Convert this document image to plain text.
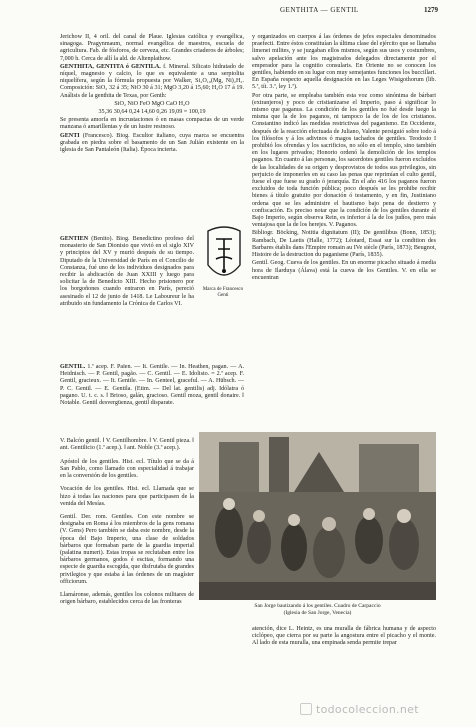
GENTHITA — GENTIL	1279

Jerichow II, 4 oril. del canal de Plaue. Iglesias católica y evangélica, sinagoga. Pragynmaum, normal evangélica de maestros, escuela de agricultura. Fab. de fósforos, de cerveza, etc. Grandes criaderos de árboles; 7,000 h. Cerca de allí la ald. de Altenplathow.

GENTHITA, GENTITA ó GENTILA. f. Mineral. Silicato hidratado de níquel, magnesio y calcio, lo que es equivalente a una serpiolita niquelífera, según la fórmula propuesta por Walker, Si₂O₁₀(Mg, Ni)₂H₂. Composición: SiO₂ 32 á 35; NiO 30 á 31; MgO 3,20 á 15,60; H₂O 17 á 19. Análisis de la genthita de Texas, por Genth:

SiO₂ NiO FeO MgO CaO H₂O

35,36 30,64 0,24 14,60 0,26 19,09 = 100,19

Se presenta amorfa en incrustaciones ó en masas compactas de un verde manzana ó amarillentas y de un lustre resinoso.

GENTI (Francesco). Biog. Escultor italiano, cuya marca se encuentra grabada en piedra sobre el basamento de un San Julián existente en la iglesia de San Pantaleón (Italia). Época incierta.

Marca de Francesco
Genti

GENTIEN (Benito). Biog. Benedictino profeso del monasterio de San Dionisio que vivió en el siglo XIV y principios del XV y murió después de su tiempo. Diputado de la Universidad de París en el Concilio de Constanza, fué uno de los individuos designados para recibir la abdicación de Juan XXIII y luego para solicitar la de Benedicto XIII. Hecho prisionero por los borgoñones cuando entraron en París, pereció asesinado el 12 de junio de 1418. Le Laboureur le ha atribuido sin fundamento la Crónica de Carlos VI.

GENTIL. 1.ª acep. F. Païen. — It. Gentile. — In. Heathen, pagan. — A. Heidnisch. — P. Gentil, pagão. — C. Gentil. — E. Idolisto. = 2.ª acep. F. Gentil, gracieux. — It. Gentile. — In. Genteel, graceful. — A. Hübsch. — P. C. Gentil. — E. Gentila. (Etim. — Del lat. gentilis) adj. Idólatra ó pagano. U. t. c. s. ‖ Brioso, galán, gracioso. Gentil moza, gentil donaire. ‖ Notable. Gentil desvergüenza, gentil disparate.

V. Balcón gentil. ‖ V. Gentilhombre. ‖ V. Gentil pieza. ‖ ant. Gentilicio (1.ª acep.). ‖ ant. Noble (3.ª acep.).

Apóstol de los gentiles. Hist. ecl. Título que se da á San Pablo, como llamado con especialidad á trabajar en la conversión de los gentiles.

Vocación de los gentiles. Hist. ecl. Llamada que se hizo á todas las naciones para que participasen de la venida del Mesías.

Gentil. Der. rom. Gentiles. Con este nombre se designaba en Roma á los miembros de la gens romana (V. Gens) Pero también se daba este nombre, desde la época del Bajo Imperio, una clase de soldados bárbaros que formaban parte de la guardia imperial (palatina numeri). Estas tropas se reclutaban entre los bárbaros germanos, godos é escitas, formando una especie de guardia escogida, que disfrutaba de grandes privilegios y que estaba á las órdenes de un magíster officiorum.

Llamáronse, además, gentiles los colonos militares de origen bárbaro, establecidos cerca de las fronteras

y organizados en cuerpos á las órdenes de jefes especiales denominados praefecti. Entre éstos constituían la última clase del ejército que se llamaba limenei milites, y se juzgaban ellos mismos, según sus usos y costumbres, salvo apelación ante los magistrados delegados directamente por el emperador para la cognitio consularis. En Oriente no se conocen los gentiles, habiendo en su lugar con muy semejantes funciones los buccillari. En España respecto aquella designación en las Leges Wisigothorum (lib. 5.ª, tít. 3.ª, ley 1.ª).

Por otra parte, se empleaba también esta voz como sinónima de bárbari (extranjeros) y poco de cristianizarse el Imperio, paso á significar lo mismo que paganus. La condición de los gentiles no fué desde luego la misma que la de los paganos, ni tampoco la de los de los cristianos. Constantino indicó las medidas restrictivas del paganismo. En Occidente, después de la reacción efectuada de Juliano, Valente persiguió sobre todo á los filósofos y á los adivinos ó magos tachados de gentiles. Teodosio I prohibió los ofrendas y los sacrificios, no sólo en el templo, sino también en los lugares privados; Honorio ordenó la demolición de los templos paganos. En cuanto á las personas, los sacerdotes gentiles fueron excluidos de las localidades de su origen y desprovistos de todos sus privilegios, sin perjuicio de imponerles en su caso las penas que reprimían el culto gentil, fuese el que fuese su grado ó jerarquía. En el año 416 los paganos fueron excluidos de toda función pública; poco después se les prohibe recibir bienes á título gratuito por donación ó testamento, y en fin, Justiniano ordena que se les administre el bautismo bajo pena de destierro y confiscación. Es preciso notar que la condición de los gentiles durante el Bajo Imperio, según observa Rein, es inferior á la de los judíos, pero más ventajosa que la de los herejes. V. Paganos.

Bibliogr. Böcking, Notitia dignitatum (II); De gentilibus (Bonn, 1853); Rambach, De Laetis (Halle, 1772); Léotard, Essai sur la condition des Barbares établis dans l'Empire romain au IVe siècle (París, 1873); Beugnot, Histoire de la destruction du paganisme (París, 1835).

Gentil. Geog. Cueva de los gentiles. En un enorme picacho situado á media hora de Ilarduya (Álava) está la cueva de los Gentiles. V. en ella se encuentran

San Jorge bautizando á los gentiles. Cuadro de Carpaccio
(Iglesia de San Jorge, Venecia)
atención, dice L. Heintz, es una muralla de fábrica humana y de aspecto ciclópeo, que cierra por su parte la angostura entre el picacho y el monte. Al lado de esta muralla, una empinada senda permite trepar
todocoleccion.net
